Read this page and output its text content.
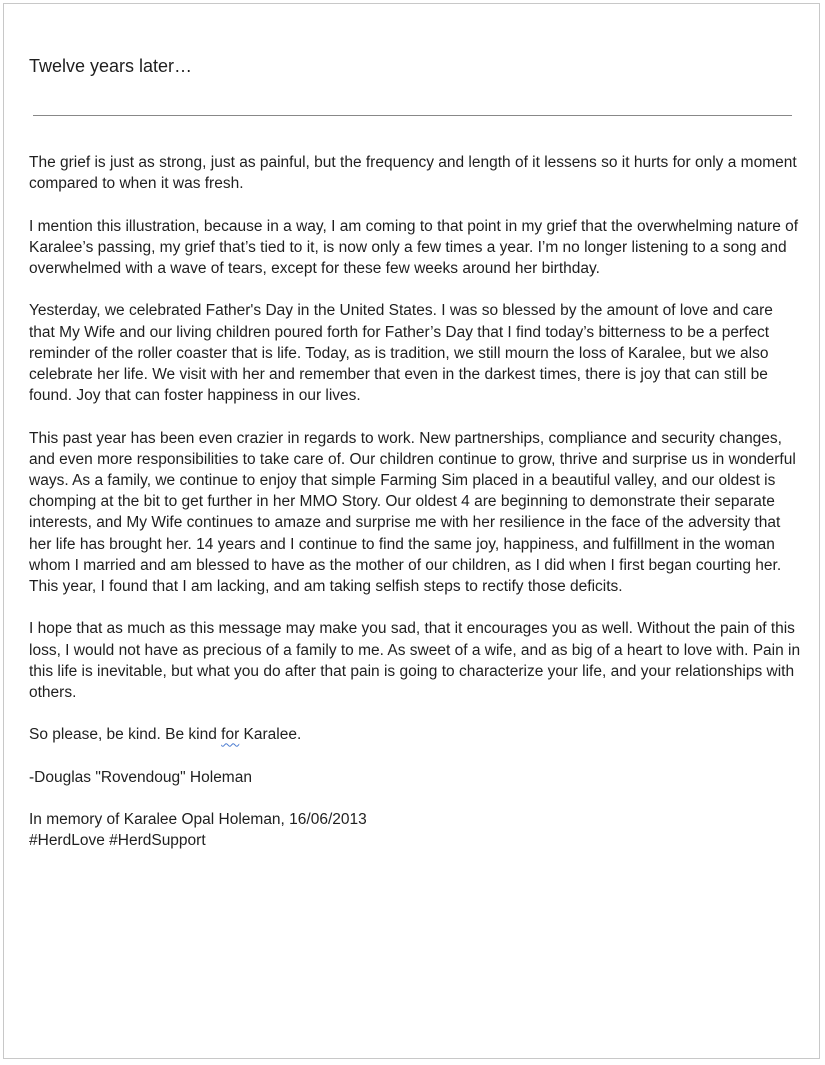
Twelve years later…

The grief is just as strong, just as painful, but the frequency and length of it lessens so it hurts for only a moment compared to when it was fresh.

I mention this illustration, because in a way, I am coming to that point in my grief that the overwhelming nature of Karalee’s passing, my grief that’s tied to it, is now only a few times a year. I’m no longer listening to a song and overwhelmed with a wave of tears, except for these few weeks around her birthday.

Yesterday, we celebrated Father's Day in the United States. I was so blessed by the amount of love and care that My Wife and our living children poured forth for Father’s Day that I find today’s bitterness to be a perfect reminder of the roller coaster that is life. Today, as is tradition, we still mourn the loss of Karalee, but we also celebrate her life. We visit with her and remember that even in the darkest times, there is joy that can still be found. Joy that can foster happiness in our lives.

This past year has been even crazier in regards to work. New partnerships, compliance and security changes, and even more responsibilities to take care of. Our children continue to grow, thrive and surprise us in wonderful ways. As a family, we continue to enjoy that simple Farming Sim placed in a beautiful valley, and our oldest is chomping at the bit to get further in her MMO Story. Our oldest 4 are beginning to demonstrate their separate interests, and My Wife continues to amaze and surprise me with her resilience in the face of the adversity that her life has brought her. 14 years and I continue to find the same joy, happiness, and fulfillment in the woman whom I married and am blessed to have as the mother of our children, as I did when I first began courting her. This year, I found that I am lacking, and am taking selfish steps to rectify those deficits.

I hope that as much as this message may make you sad, that it encourages you as well. Without the pain of this loss, I would not have as precious of a family to me. As sweet of a wife, and as big of a heart to love with. Pain in this life is inevitable, but what you do after that pain is going to characterize your life, and your relationships with others.

So please, be kind. Be kind for Karalee.

-Douglas "Rovendoug" Holeman

In memory of Karalee Opal Holeman, 16/06/2013

#HerdLove #HerdSupport
